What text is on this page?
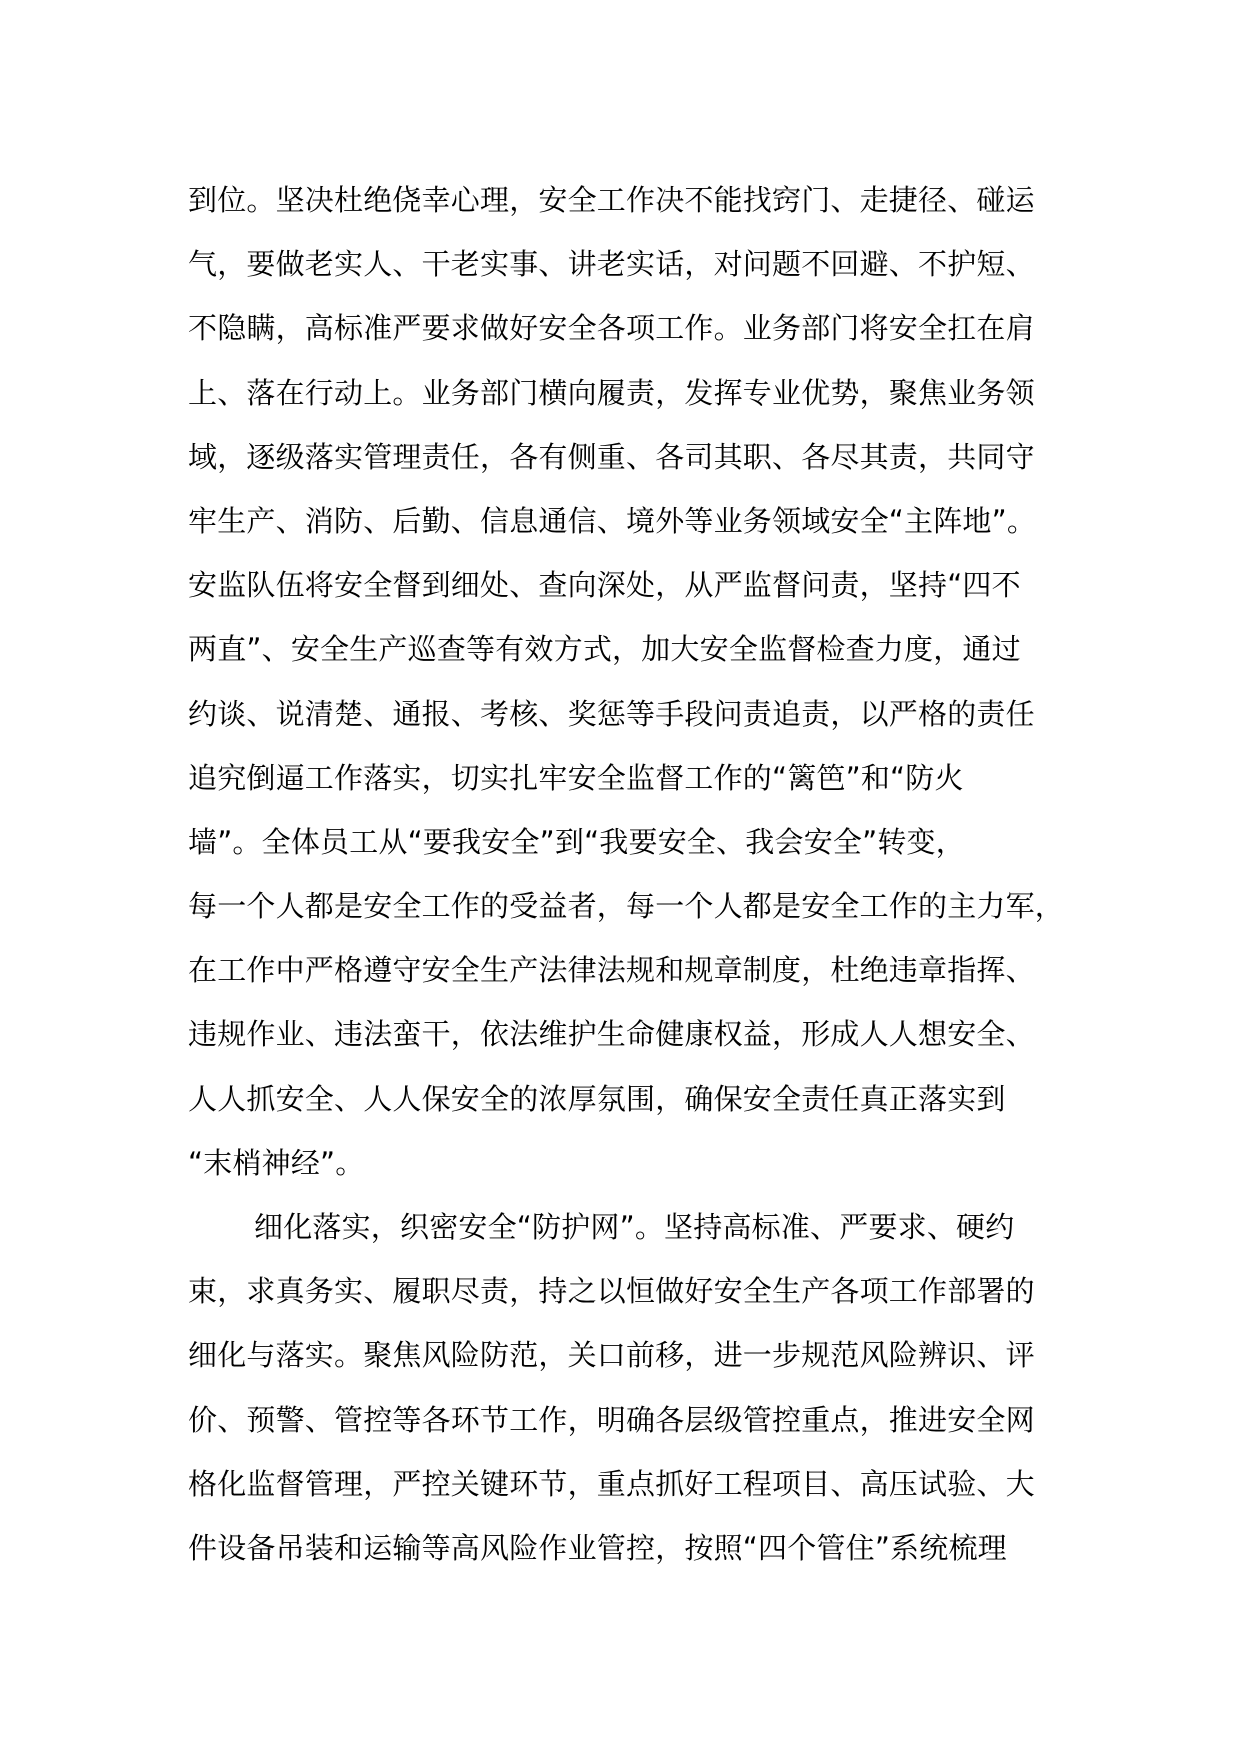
到位。坚决杜绝侥幸心理，安全工作决不能找窍门、走捷径、碰运
气，要做老实人、干老实事、讲老实话，对问题不回避、不护短、
不隐瞒，高标准严要求做好安全各项工作。业务部门将安全扛在肩
上、落在行动上。业务部门横向履责，发挥专业优势，聚焦业务领
域，逐级落实管理责任，各有侧重、各司其职、各尽其责，共同守
牢生产、消防、后勤、信息通信、境外等业务领域安全“主阵地”。
安监队伍将安全督到细处、查向深处，从严监督问责，坚持“四不
两直”、安全生产巡查等有效方式，加大安全监督检查力度，通过
约谈、说清楚、通报、考核、奖惩等手段问责追责，以严格的责任
追究倒逼工作落实，切实扎牢安全监督工作的“篱笆”和“防火
墙”。全体员工从“要我安全”到“我要安全、我会安全”转变，
每一个人都是安全工作的受益者，每一个人都是安全工作的主力军，
在工作中严格遵守安全生产法律法规和规章制度，杜绝违章指挥、
违规作业、违法蛮干，依法维护生命健康权益，形成人人想安全、
人人抓安全、人人保安全的浓厚氛围，确保安全责任真正落实到
“末梢神经”。
细化落实，织密安全“防护网”。坚持高标准、严要求、硬约
束，求真务实、履职尽责，持之以恒做好安全生产各项工作部署的
细化与落实。聚焦风险防范，关口前移，进一步规范风险辨识、评
价、预警、管控等各环节工作，明确各层级管控重点，推进安全网
格化监督管理，严控关键环节，重点抓好工程项目、高压试验、大
件设备吊装和运输等高风险作业管控，按照“四个管住”系统梳理
